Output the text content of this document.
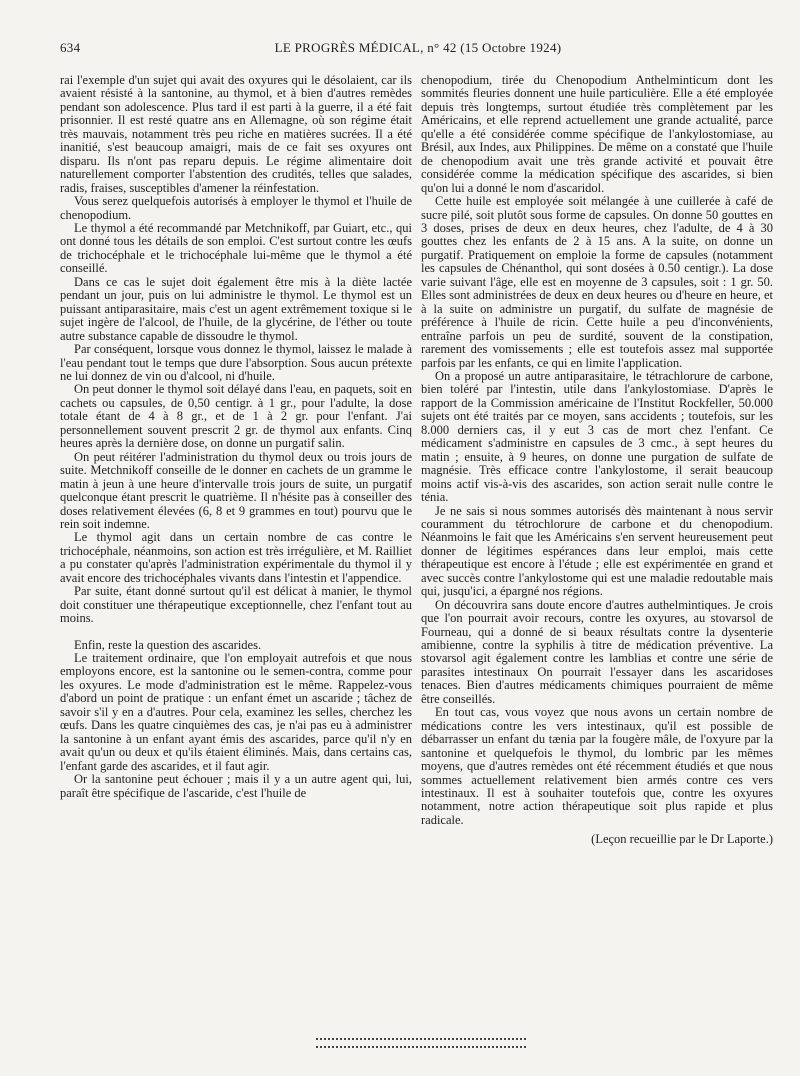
634	LE PROGRÈS MÉDICAL, n° 42 (15 Octobre 1924)

rai l'exemple d'un sujet qui avait des oxyures qui le désolaient, car ils avaient résisté à la santonine, au thymol, et à bien d'autres remèdes pendant son adolescence. Plus tard il est parti à la guerre, il a été fait prisonnier. Il est resté quatre ans en Allemagne, où son régime était très mauvais, notamment très peu riche en matières sucrées. Il a été inanitié, s'est beaucoup amaigri, mais de ce fait ses oxyures ont disparu. Ils n'ont pas reparu depuis. Le régime alimentaire doit naturellement comporter l'abstention des crudités, telles que salades, radis, fraises, susceptibles d'amener la réinfestation.

Vous serez quelquefois autorisés à employer le thymol et l'huile de chenopodium.

Le thymol a été recommandé par Metchnikoff, par Guiart, etc., qui ont donné tous les détails de son emploi. C'est surtout contre les œufs de trichocéphale et le trichocéphale lui-même que le thymol a été conseillé.

Dans ce cas le sujet doit également être mis à la diète lactée pendant un jour, puis on lui administre le thymol. Le thymol est un puissant antiparasitaire, mais c'est un agent extrêmement toxique si le sujet ingère de l'alcool, de l'huile, de la glycérine, de l'éther ou toute autre substance capable de dissoudre le thymol.

Par conséquent, lorsque vous donnez le thymol, laissez le malade à l'eau pendant tout le temps que dure l'absorption. Sous aucun prétexte ne lui donnez de vin ou d'alcool, ni d'huile.

On peut donner le thymol soit délayé dans l'eau, en paquets, soit en cachets ou capsules, de 0,50 centigr. à 1 gr., pour l'adulte, la dose totale étant de 4 à 8 gr., et de 1 à 2 gr. pour l'enfant. J'ai personnellement souvent prescrit 2 gr. de thymol aux enfants. Cinq heures après la dernière dose, on donne un purgatif salin.

On peut réitérer l'administration du thymol deux ou trois jours de suite. Metchnikoff conseille de le donner en cachets de un gramme le matin à jeun à une heure d'intervalle trois jours de suite, un purgatif quelconque étant prescrit le quatrième. Il n'hésite pas à conseiller des doses relativement élevées (6, 8 et 9 grammes en tout) pourvu que le rein soit indemne.

Le thymol agit dans un certain nombre de cas contre le trichocéphale, néanmoins, son action est très irrégulière, et M. Railliet a pu constater qu'après l'administration expérimentale du thymol il y avait encore des trichocéphales vivants dans l'intestin et l'appendice.

Par suite, étant donné surtout qu'il est délicat à manier, le thymol doit constituer une thérapeutique exceptionnelle, chez l'enfant tout au moins.

Enfin, reste la question des ascarides.

Le traitement ordinaire, que l'on employait autrefois et que nous employons encore, est la santonine ou le semen-contra, comme pour les oxyures. Le mode d'administration est le même. Rappelez-vous d'abord un point de pratique : un enfant émet un ascaride ; tâchez de savoir s'il y en a d'autres. Pour cela, examinez les selles, cherchez les œufs. Dans les quatre cinquièmes des cas, je n'ai pas eu à administrer la santonine à un enfant ayant émis des ascarides, parce qu'il n'y en avait qu'un ou deux et qu'ils étaient éliminés. Mais, dans certains cas, l'enfant garde des ascarides, et il faut agir.

Or la santonine peut échouer ; mais il y a un autre agent qui, lui, paraît être spécifique de l'ascaride, c'est l'huile de

chenopodium, tirée du Chenopodium Anthelminticum dont les sommités fleuries donnent une huile particulière. Elle a été employée depuis très longtemps, surtout étudiée très complètement par les Américains, et elle reprend actuellement une grande actualité, parce qu'elle a été considérée comme spécifique de l'ankylostomiase, au Brésil, aux Indes, aux Philippines. De même on a constaté que l'huile de chenopodium avait une très grande activité et pouvait être considérée comme la médication spécifique des ascarides, si bien qu'on lui a donné le nom d'ascaridol.

Cette huile est employée soit mélangée à une cuillerée à café de sucre pilé, soit plutôt sous forme de capsules. On donne 50 gouttes en 3 doses, prises de deux en deux heures, chez l'adulte, de 4 à 30 gouttes chez les enfants de 2 à 15 ans. A la suite, on donne un purgatif. Pratiquement on emploie la forme de capsules (notamment les capsules de Chénanthol, qui sont dosées à 0.50 centigr.). La dose varie suivant l'âge, elle est en moyenne de 3 capsules, soit : 1 gr. 50. Elles sont administrées de deux en deux heures ou d'heure en heure, et à la suite on administre un purgatif, du sulfate de magnésie de préférence à l'huile de ricin. Cette huile a peu d'inconvénients, entraîne parfois un peu de surdité, souvent de la constipation, rarement des vomissements ; elle est toutefois assez mal supportée parfois par les enfants, ce qui en limite l'application.

On a proposé un autre antiparasitaire, le tétrachlorure de carbone, bien toléré par l'intestin, utile dans l'ankylostomiase. D'après le rapport de la Commission américaine de l'Institut Rockfeller, 50.000 sujets ont été traités par ce moyen, sans accidents ; toutefois, sur les 8.000 derniers cas, il y eut 3 cas de mort chez l'enfant. Ce médicament s'administre en capsules de 3 cmc., à sept heures du matin ; ensuite, à 9 heures, on donne une purgation de sulfate de magnésie. Très efficace contre l'ankylostome, il serait beaucoup moins actif vis-à-vis des ascarides, son action serait nulle contre le ténia.

Je ne sais si nous sommes autorisés dès maintenant à nous servir couramment du tétrochlorure de carbone et du chenopodium. Néanmoins le fait que les Américains s'en servent heureusement peut donner de légitimes espérances dans leur emploi, mais cette thérapeutique est encore à l'étude ; elle est expérimentée en grand et avec succès contre l'ankylostome qui est une maladie redoutable mais qui, jusqu'ici, a épargné nos régions.

On découvrira sans doute encore d'autres authelmintiques. Je crois que l'on pourrait avoir recours, contre les oxyures, au stovarsol de Fourneau, qui a donné de si beaux résultats contre la dysenterie amibienne, contre la syphilis à titre de médication préventive. La stovarsol agit également contre les lamblias et contre une série de parasites intestinaux On pourrait l'essayer dans les ascaridoses tenaces. Bien d'autres médicaments chimiques pourraient de même être conseillés.

En tout cas, vous voyez que nous avons un certain nombre de médications contre les vers intestinaux, qu'il est possible de débarrasser un enfant du tænia par la fougère mâle, de l'oxyure par la santonine et quelquefois le thymol, du lombric par les mêmes moyens, que d'autres remèdes ont été récemment étudiés et que nous sommes actuellement relativement bien armés contre ces vers intestinaux. Il est à souhaiter toutefois que, contre les oxyures notamment, notre action thérapeutique soit plus rapide et plus radicale.

(Leçon recueillie par le Dr Laporte.)
